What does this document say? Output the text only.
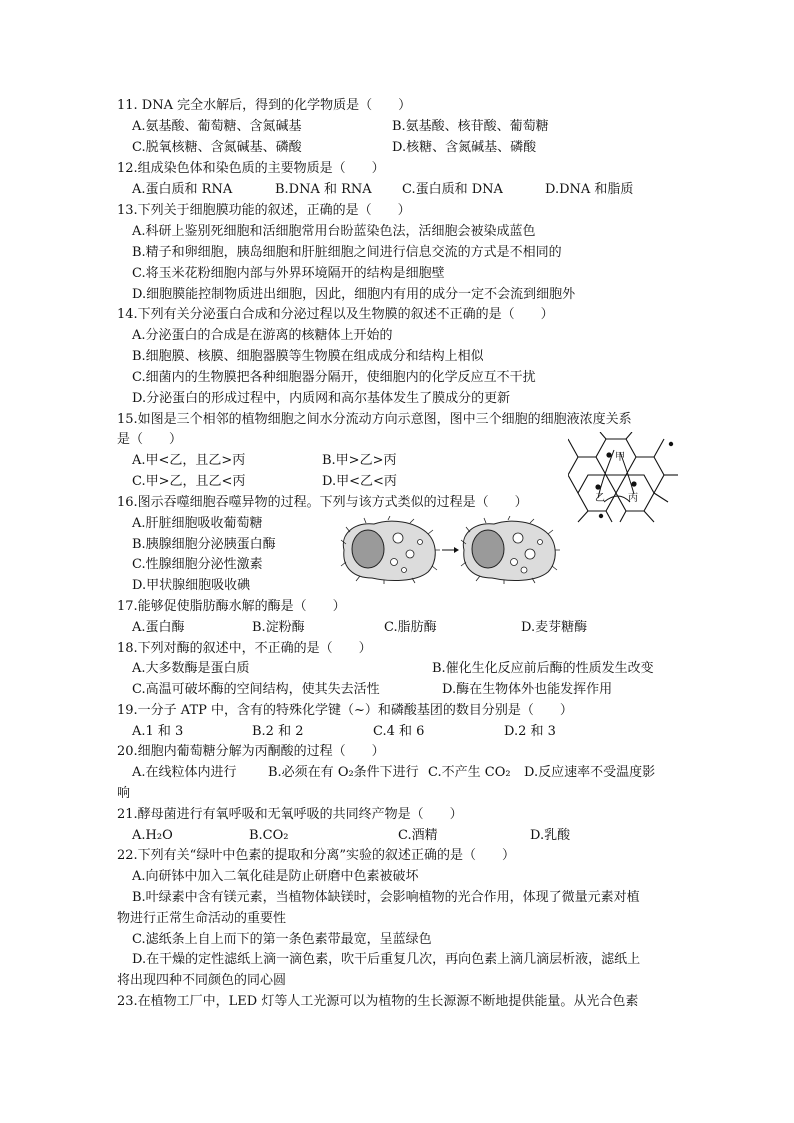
11. DNA 完全水解后，得到的化学物质是（　　）
A.氨基酸、葡萄糖、含氮碱基	B.氨基酸、核苷酸、葡萄糖
C.脱氧核糖、含氮碱基、磷酸	D.核糖、含氮碱基、磷酸
12.组成染色体和染色质的主要物质是（　　）
A.蛋白质和 RNA	B.DNA 和 RNA C.蛋白质和 DNA	D.DNA 和脂质
13.下列关于细胞膜功能的叙述，正确的是（　　）
A.科研上鉴别死细胞和活细胞常用台盼蓝染色法，活细胞会被染成蓝色
B.精子和卵细胞，胰岛细胞和肝脏细胞之间进行信息交流的方式是不相同的
C.将玉米花粉细胞内部与外界环境隔开的结构是细胞壁
D.细胞膜能控制物质进出细胞，因此，细胞内有用的成分一定不会流到细胞外
14.下列有关分泌蛋白合成和分泌过程以及生物膜的叙述不正确的是（　　）
A.分泌蛋白的合成是在游离的核糖体上开始的
B.细胞膜、核膜、细胞器膜等生物膜在组成成分和结构上相似
C.细菌内的生物膜把各种细胞器分隔开，使细胞内的化学反应互不干扰
D.分泌蛋白的形成过程中，内质网和高尔基体发生了膜成分的更新
15.如图是三个相邻的植物细胞之间水分流动方向示意图，图中三个细胞的细胞液浓度关系
是（　　）
A.甲<乙，且乙>丙	B.甲>乙>丙
C.甲>乙，且乙<丙	D.甲<乙<丙
甲
乙 丙
16.图示吞噬细胞吞噬异物的过程。下列与该方式类似的过程是（　　）
A.肝脏细胞吸收葡萄糖
B.胰腺细胞分泌胰蛋白酶
C.性腺细胞分泌性激素
D.甲状腺细胞吸收碘
17.能够促使脂肪酶水解的酶是（　　）
A.蛋白酶	B.淀粉酶	C.脂肪酶	D.麦芽糖酶
18.下列对酶的叙述中，不正确的是（　　）
A.大多数酶是蛋白质	B.催化生化反应前后酶的性质发生改变
C.高温可破坏酶的空间结构，使其失去活性	D.酶在生物体外也能发挥作用
19.一分子 ATP 中，含有的特殊化学键（~）和磷酸基团的数目分别是（　　）
A.1 和 3	B.2 和 2	C.4 和 6	D.2 和 3
20.细胞内葡萄糖分解为丙酮酸的过程（　　）
A.在线粒体内进行 B.必须在有 O₂条件下进行 C.不产生 CO₂ D.反应速率不受温度影
响
21.酵母菌进行有氧呼吸和无氧呼吸的共同终产物是（　　）
A.H₂O	B.CO₂	C.酒精	D.乳酸
22.下列有关“绿叶中色素的提取和分离”实验的叙述正确的是（　　）
A.向研钵中加入二氧化硅是防止研磨中色素被破坏
B.叶绿素中含有镁元素，当植物体缺镁时，会影响植物的光合作用，体现了微量元素对植
物进行正常生命活动的重要性
C.滤纸条上自上而下的第一条色素带最宽，呈蓝绿色
D.在干燥的定性滤纸上滴一滴色素，吹干后重复几次，再向色素上滴几滴层析液，滤纸上
将出现四种不同颜色的同心圆
23.在植物工厂中，LED 灯等人工光源可以为植物的生长源源不断地提供能量。从光合色素
